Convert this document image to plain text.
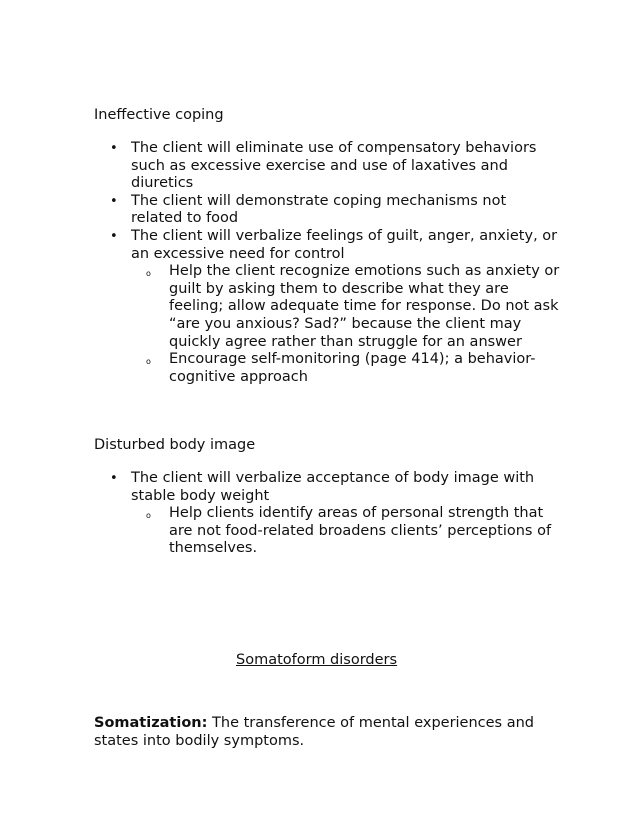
Ineffective coping
• The client will eliminate use of compensatory behaviors such as excessive exercise and use of laxatives and diuretics
• The client will demonstrate coping mechanisms not related to food
• The client will verbalize feelings of guilt, anger, anxiety, or an excessive need for control
o Help the client recognize emotions such as anxiety or guilt by asking them to describe what they are feeling; allow adequate time for response. Do not ask “are you anxious? Sad?” because the client may quickly agree rather than struggle for an answer
o Encourage self-monitoring (page 414); a behavior-cognitive approach
Disturbed body image
• The client will verbalize acceptance of body image with stable body weight
o Help clients identify areas of personal strength that are not food-related broadens clients’ perceptions of themselves.
Somatoform disorders

Somatization: The transference of mental experiences and states into bodily symptoms.
